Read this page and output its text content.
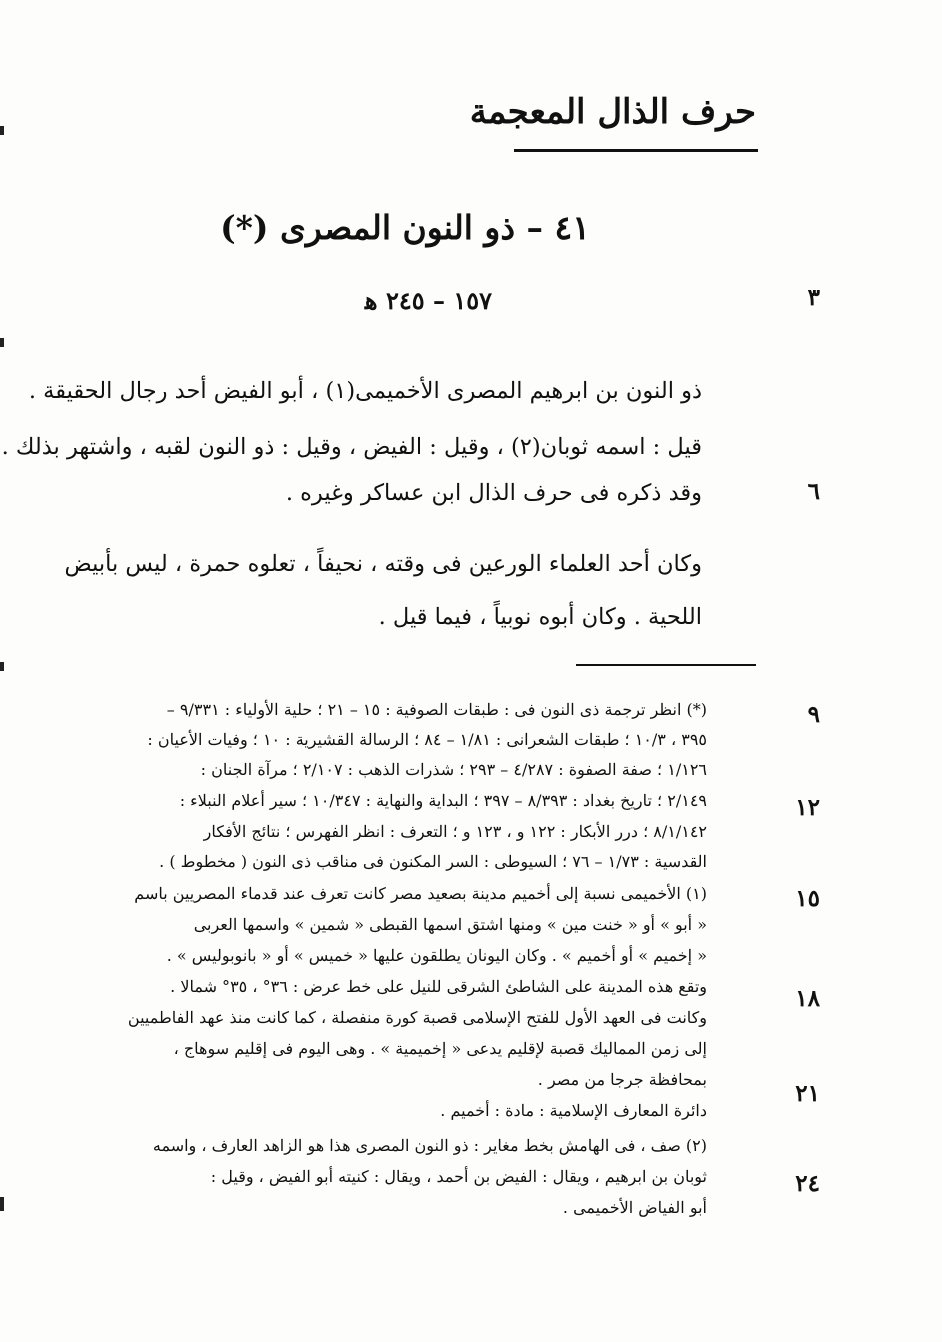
حرف الذال المعجمة
٤١ – ذو النون المصرى (*)
١٥٧ – ٢٤٥ ﻫ	٣
٦
٩
١٢
١٥
١٨
٢١
٢٤
ذو النون بن ابرهيم المصرى الأخميمى(١) ، أبو الفيض أحد رجال الحقيقة .
قيل : اسمه ثوبان(٢) ، وقيل : الفيض ، وقيل : ذو النون لقبه ، واشتهر بذلك .
وقد ذكره فى حرف الذال ابن عساكر وغيره .
وكان أحد العلماء الورعين فى وقته ، نحيفاً ، تعلوه حمرة ، ليس بأبيض
اللحية . وكان أبوه نوبياً ، فيما قيل .
(*) انظر ترجمة ذى النون فى : طبقات الصوفية : ١٥ – ٢١ ؛ حلية الأولياء : ٩/٣٣١ –
٣٩٥ ، ١٠/٣ ؛ طبقات الشعرانى : ١/٨١ – ٨٤ ؛ الرسالة القشيرية : ١٠ ؛ وفيات الأعيان :
١/١٢٦ ؛ صفة الصفوة : ٤/٢٨٧ – ٢٩٣ ؛ شذرات الذهب : ٢/١٠٧ ؛ مرآة الجنان :
٢/١٤٩ ؛ تاريخ بغداد : ٨/٣٩٣ – ٣٩٧ ؛ البداية والنهاية : ١٠/٣٤٧ ؛ سير أعلام النبلاء :
٨/١/١٤٢ ؛ درر الأبكار : ١٢٢ و ، ١٢٣ و ؛ التعرف : انظر الفهرس ؛ نتائج الأفكار
القدسية : ١/٧٣ – ٧٦ ؛ السيوطى : السر المكنون فى مناقب ذى النون ( مخطوط ) .
(١) الأخميمى نسبة إلى أخميم مدينة بصعيد مصر كانت تعرف عند قدماء المصريين باسم
« أبو » أو « خنت مين » ومنها اشتق اسمها القبطى « شمين » واسمها العربى
« إخميم » أو أخميم » . وكان اليونان يطلقون عليها « خميس » أو « بانوبوليس » .
وتقع هذه المدينة على الشاطئ الشرقى للنيل على خط عرض : ٣٦° ، ٣٥° شمالا .
وكانت فى العهد الأول للفتح الإسلامى قصبة كورة منفصلة ، كما كانت منذ عهد الفاطميين
إلى زمن المماليك قصبة لإقليم يدعى « إخميمية » . وهى اليوم فى إقليم سوهاج ،
بمحافظة جرجا من مصر .
دائرة المعارف الإسلامية : مادة : أخميم .
(٢) صف ، فى الهامش بخط مغاير : ذو النون المصرى هذا هو الزاهد العارف ، واسمه
ثوبان بن ابرهيم ، ويقال : الفيض بن أحمد ، ويقال : كنيته أبو الفيض ، وقيل :
أبو الفياض الأخميمى .
